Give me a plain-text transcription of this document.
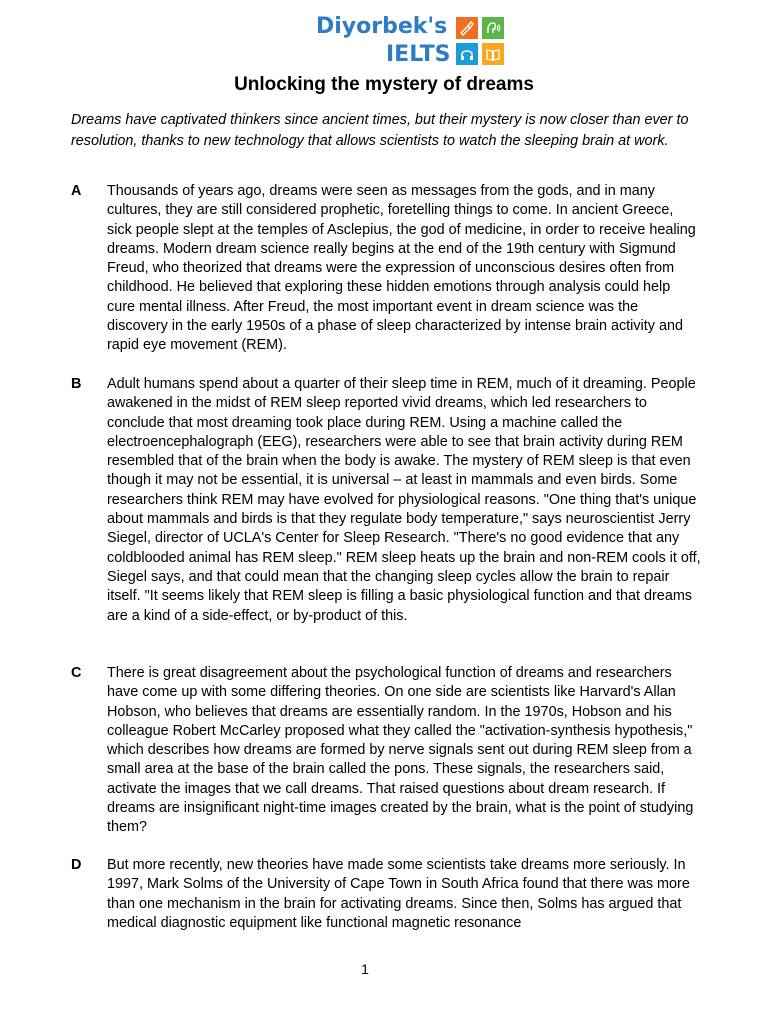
Diyorbek's
IELTS
Unlocking the mystery of dreams

Dreams have captivated thinkers since ancient times, but their mystery is now closer than ever to resolution, thanks to new technology that allows scientists to watch the sleeping brain at work.

A	Thousands of years ago, dreams were seen as messages from the gods, and in many cultures, they are still considered prophetic, foretelling things to come. In ancient Greece, sick people slept at the temples of Asclepius, the god of medicine, in order to receive healing dreams. Modern dream science really begins at the end of the 19th century with Sigmund Freud, who theorized that dreams were the expression of unconscious desires often from childhood. He believed that exploring these hidden emotions through analysis could help cure mental illness. After Freud, the most important event in dream science was the discovery in the early 1950s of a phase of sleep characterized by intense brain activity and rapid eye movement (REM).

B	Adult humans spend about a quarter of their sleep time in REM, much of it dreaming. People awakened in the midst of REM sleep reported vivid dreams, which led researchers to conclude that most dreaming took place during REM. Using a machine called the electroencephalograph (EEG), researchers were able to see that brain activity during REM resembled that of the brain when the body is awake. The mystery of REM sleep is that even though it may not be essential, it is universal – at least in mammals and even birds. Some researchers think REM may have evolved for physiological reasons. "One thing that's unique about mammals and birds is that they regulate body temperature," says neuroscientist Jerry Siegel, director of UCLA's Center for Sleep Research. "There's no good evidence that any coldblooded animal has REM sleep." REM sleep heats up the brain and non-REM cools it off, Siegel says, and that could mean that the changing sleep cycles allow the brain to repair itself. "It seems likely that REM sleep is filling a basic physiological function and that dreams are a kind of a side-effect, or by-product of this.

C	There is great disagreement about the psychological function of dreams and researchers have come up with some differing theories. On one side are scientists like Harvard's Allan Hobson, who believes that dreams are essentially random. In the 1970s, Hobson and his colleague Robert McCarley proposed what they called the "activation-synthesis hypothesis," which describes how dreams are formed by nerve signals sent out during REM sleep from a small area at the base of the brain called the pons. These signals, the researchers said, activate the images that we call dreams. That raised questions about dream research. If dreams are insignificant night-time images created by the brain, what is the point of studying them?

D	But more recently, new theories have made some scientists take dreams more seriously. In 1997, Mark Solms of the University of Cape Town in South Africa found that there was more than one mechanism in the brain for activating dreams. Since then, Solms has argued that medical diagnostic equipment like functional magnetic resonance

1
